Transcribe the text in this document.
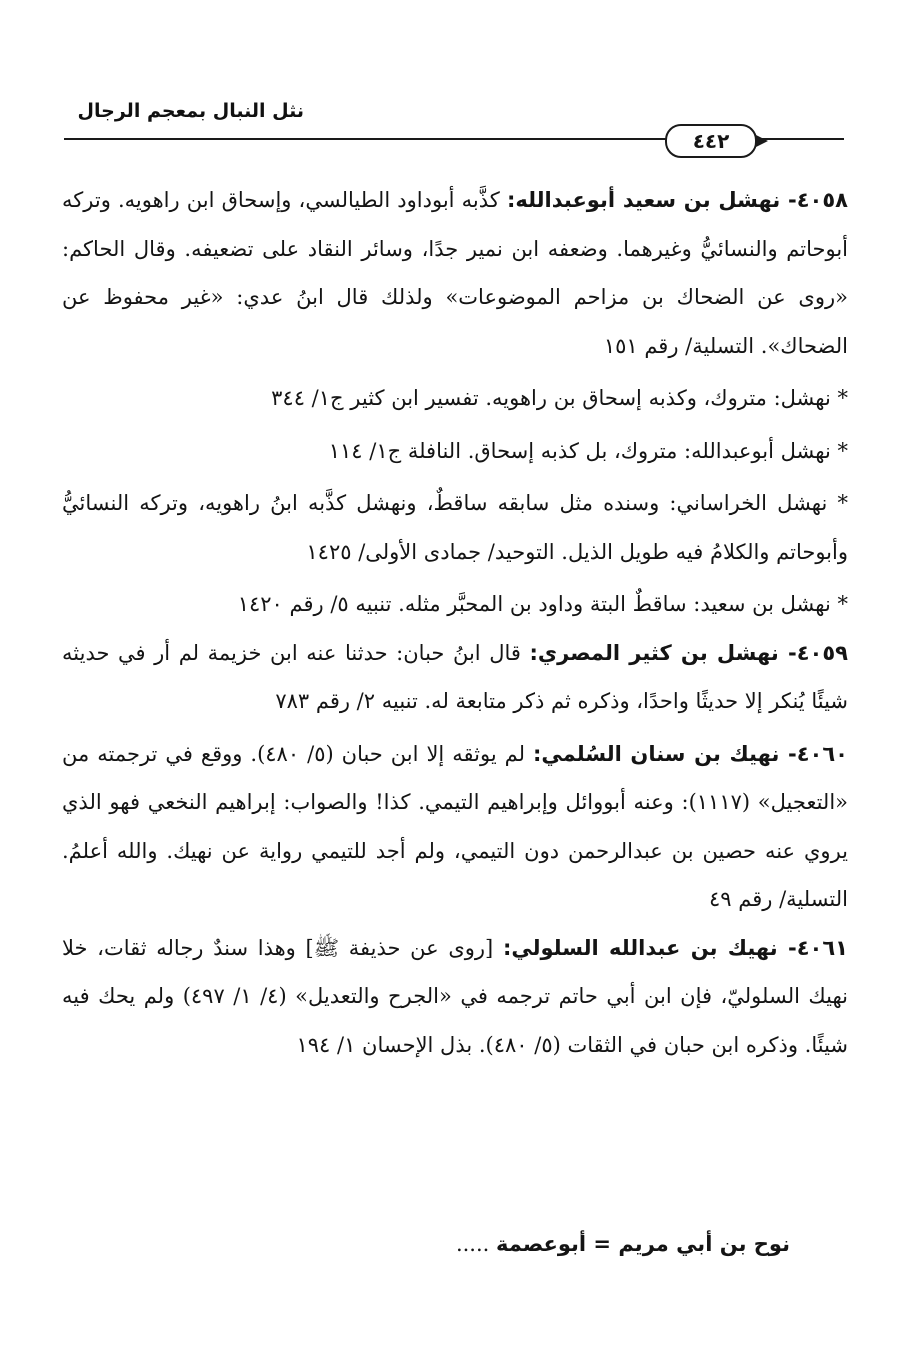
نثل النبال بمعجم الرجال
٤٤٢

٤٠٥٨- نهشل بن سعيد أبوعبدالله: كذَّبه أبوداود الطيالسي، وإسحاق ابن راهويه. وتركه أبوحاتم والنسائيُّ وغيرهما. وضعفه ابن نمير جدًا، وسائر النقاد على تضعيفه. وقال الحاكم: «روى عن الضحاك بن مزاحم الموضوعات» ولذلك قال ابنُ عدي: «غير محفوظ عن الضحاك». التسلية/ رقم ١٥١

* نهشل: متروك، وكذبه إسحاق بن راهويه. تفسير ابن كثير ج١/ ٣٤٤

* نهشل أبوعبدالله: متروك، بل كذبه إسحاق. النافلة ج١/ ١١٤

* نهشل الخراساني: وسنده مثل سابقه ساقطٌ، ونهشل كذَّبه ابنُ راهويه، وتركه النسائيُّ وأبوحاتم والكلامُ فيه طويل الذيل. التوحيد/ جمادى الأولى/ ١٤٢٥

* نهشل بن سعيد: ساقطٌ البتة وداود بن المحبَّر مثله. تنبيه ٥/ رقم ١٤٢٠

٤٠٥٩- نهشل بن كثير المصري: قال ابنُ حبان: حدثنا عنه ابن خزيمة لم أر في حديثه شيئًا يُنكر إلا حديثًا واحدًا، وذكره ثم ذكر متابعة له. تنبيه ٢/ رقم ٧٨٣

٤٠٦٠- نهيك بن سنان السُلمي: لم يوثقه إلا ابن حبان (٥/ ٤٨٠). ووقع في ترجمته من «التعجيل» (١١١٧): وعنه أبووائل وإبراهيم التيمي. كذا! والصواب: إبراهيم النخعي فهو الذي يروي عنه حصين بن عبدالرحمن دون التيمي، ولم أجد للتيمي رواية عن نهيك. والله أعلمُ. التسلية/ رقم ٤٩

٤٠٦١- نهيك بن عبدالله السلولي: [روى عن حذيفة ﷺ] وهذا سندٌ رجاله ثقات، خلا نهيك السلوليّ، فإن ابن أبي حاتم ترجمه في «الجرح والتعديل» (٤/ ١/ ٤٩٧) ولم يحك فيه شيئًا. وذكره ابن حبان في الثقات (٥/ ٤٨٠). بذل الإحسان ١/ ١٩٤

نوح بن أبي مريم = أبوعصمة .....
